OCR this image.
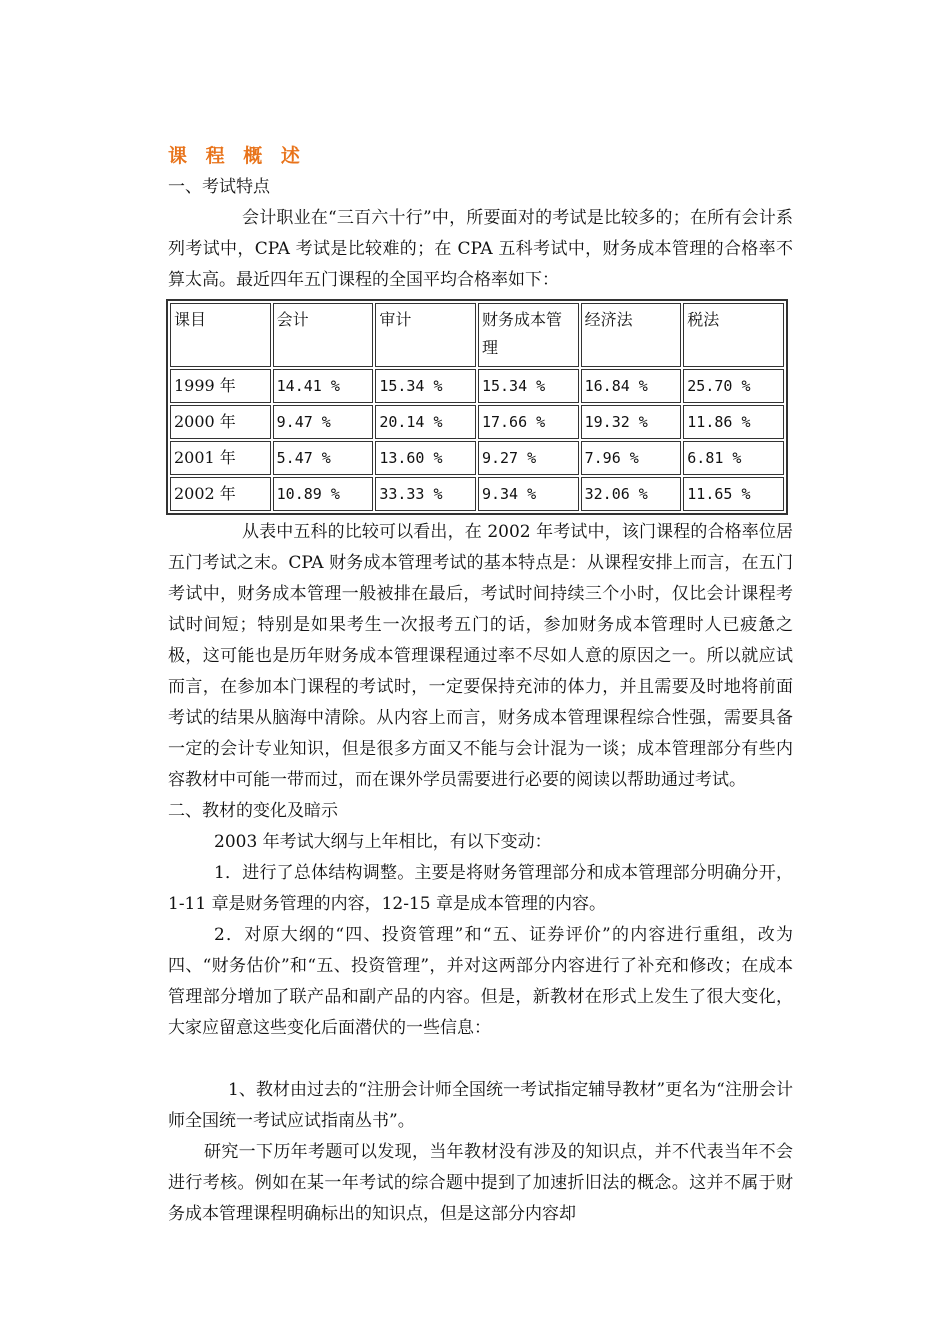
课 程 概 述

一、考试特点

会计职业在“三百六十行”中，所要面对的考试是比较多的；在所有会计系列考试中，CPA 考试是比较难的；在 CPA 五科考试中，财务成本管理的合格率不算太高。最近四年五门课程的全国平均合格率如下：

课目	会计	审计	财务成本管理	经济法	税法
1999 年	14.41 %	15.34 %	15.34 %	16.84 %	25.70 %
2000 年	9.47 %	20.14 %	17.66 %	19.32 %	11.86 %
2001 年	5.47 %	13.60 %	9.27 %	7.96 %	6.81 %
2002 年	10.89 %	33.33 %	9.34 %	32.06 %	11.65 %

从表中五科的比较可以看出，在 2002 年考试中，该门课程的合格率位居五门考试之末。CPA 财务成本管理考试的基本特点是：从课程安排上而言，在五门考试中，财务成本管理一般被排在最后，考试时间持续三个小时，仅比会计课程考试时间短；特别是如果考生一次报考五门的话，参加财务成本管理时人已疲惫之极，这可能也是历年财务成本管理课程通过率不尽如人意的原因之一。所以就应试而言，在参加本门课程的考试时，一定要保持充沛的体力，并且需要及时地将前面考试的结果从脑海中清除。从内容上而言，财务成本管理课程综合性强，需要具备一定的会计专业知识，但是很多方面又不能与会计混为一谈；成本管理部分有些内容教材中可能一带而过，而在课外学员需要进行必要的阅读以帮助通过考试。

二、教材的变化及暗示

2003 年考试大纲与上年相比，有以下变动：

1．进行了总体结构调整。主要是将财务管理部分和成本管理部分明确分开，1-11 章是财务管理的内容，12-15 章是成本管理的内容。

2．对原大纲的“四、投资管理”和“五、证券评价”的内容进行重组，改为四、“财务估价”和“五、投资管理”，并对这两部分内容进行了补充和修改；在成本管理部分增加了联产品和副产品的内容。但是，新教材在形式上发生了很大变化，大家应留意这些变化后面潜伏的一些信息：

1、教材由过去的“注册会计师全国统一考试指定辅导教材”更名为“注册会计师全国统一考试应试指南丛书”。

研究一下历年考题可以发现，当年教材没有涉及的知识点，并不代表当年不会进行考核。例如在某一年考试的综合题中提到了加速折旧法的概念。这并不属于财务成本管理课程明确标出的知识点，但是这部分内容却
